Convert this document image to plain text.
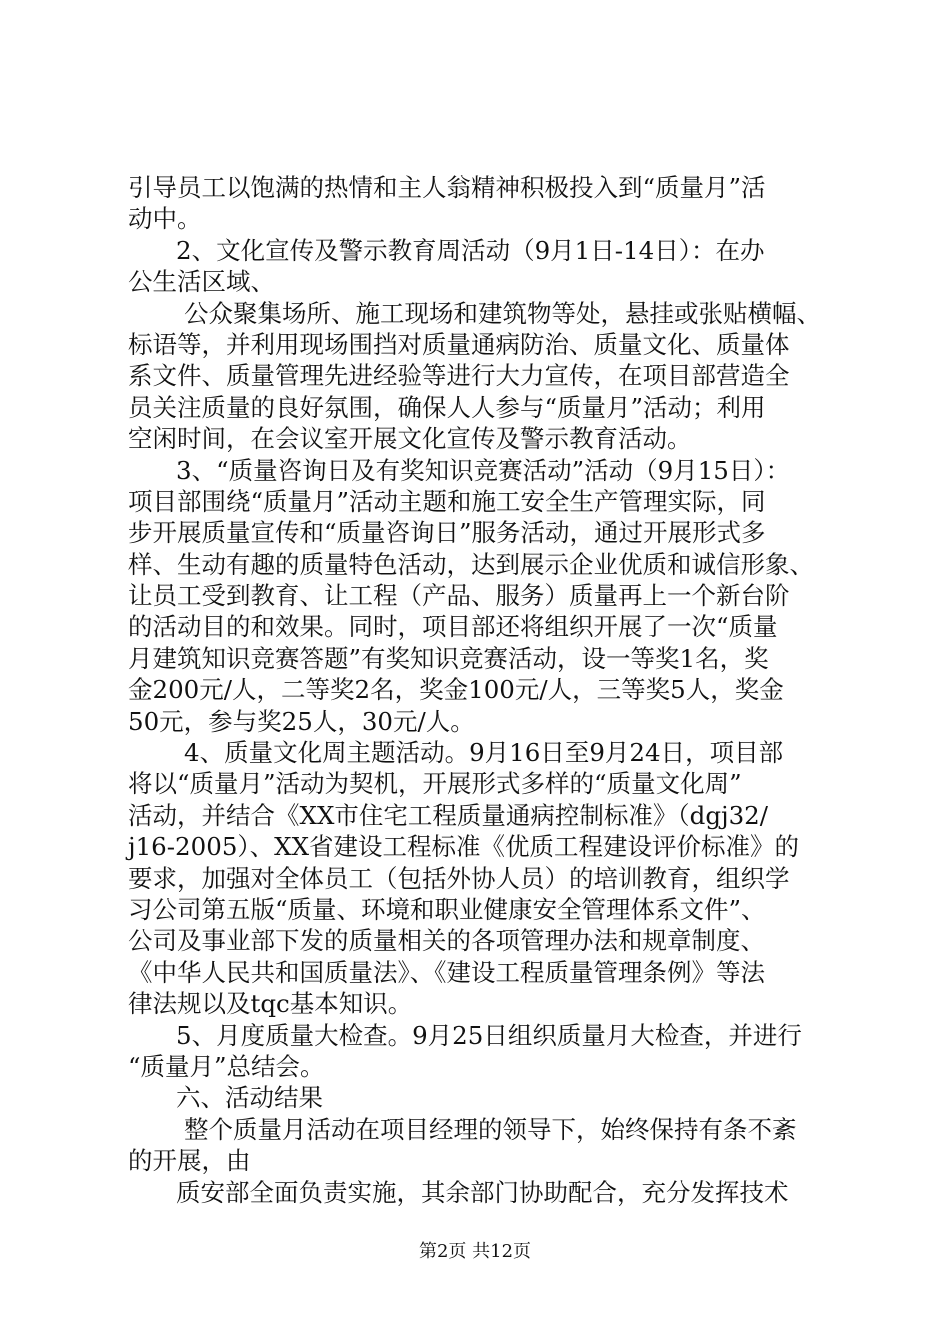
引导员工以饱满的热情和主人翁精神积极投入到“质量月”活
动中。
2、文化宣传及警示教育周活动（9月1日-14日）：在办
公生活区域、
公众聚集场所、施工现场和建筑物等处，悬挂或张贴横幅、
标语等，并利用现场围挡对质量通病防治、质量文化、质量体
系文件、质量管理先进经验等进行大力宣传，在项目部营造全
员关注质量的良好氛围，确保人人参与“质量月”活动；利用
空闲时间，在会议室开展文化宣传及警示教育活动。
3、“质量咨询日及有奖知识竞赛活动”活动（9月15日）：
项目部围绕“质量月”活动主题和施工安全生产管理实际，同
步开展质量宣传和“质量咨询日”服务活动，通过开展形式多
样、生动有趣的质量特色活动，达到展示企业优质和诚信形象、
让员工受到教育、让工程（产品、服务）质量再上一个新台阶
的活动目的和效果。同时，项目部还将组织开展了一次“质量
月建筑知识竞赛答题”有奖知识竞赛活动，设一等奖1名，奖
金200元/人，二等奖2名，奖金100元/人，三等奖5人，奖金
50元，参与奖25人，30元/人。
4、质量文化周主题活动。9月16日至9月24日，项目部
将以“质量月”活动为契机，开展形式多样的“质量文化周”
活动，并结合《XX市住宅工程质量通病控制标准》（dgj32/
j16-2005）、XX省建设工程标准《优质工程建设评价标准》的
要求，加强对全体员工（包括外协人员）的培训教育，组织学
习公司第五版“质量、环境和职业健康安全管理体系文件”、
公司及事业部下发的质量相关的各项管理办法和规章制度、
《中华人民共和国质量法》、《建设工程质量管理条例》等法
律法规以及tqc基本知识。
5、月度质量大检查。9月25日组织质量月大检查，并进行
“质量月”总结会。
六、活动结果
整个质量月活动在项目经理的领导下，始终保持有条不紊
的开展，由
质安部全面负责实施，其余部门协助配合，充分发挥技术
第2页 共12页
